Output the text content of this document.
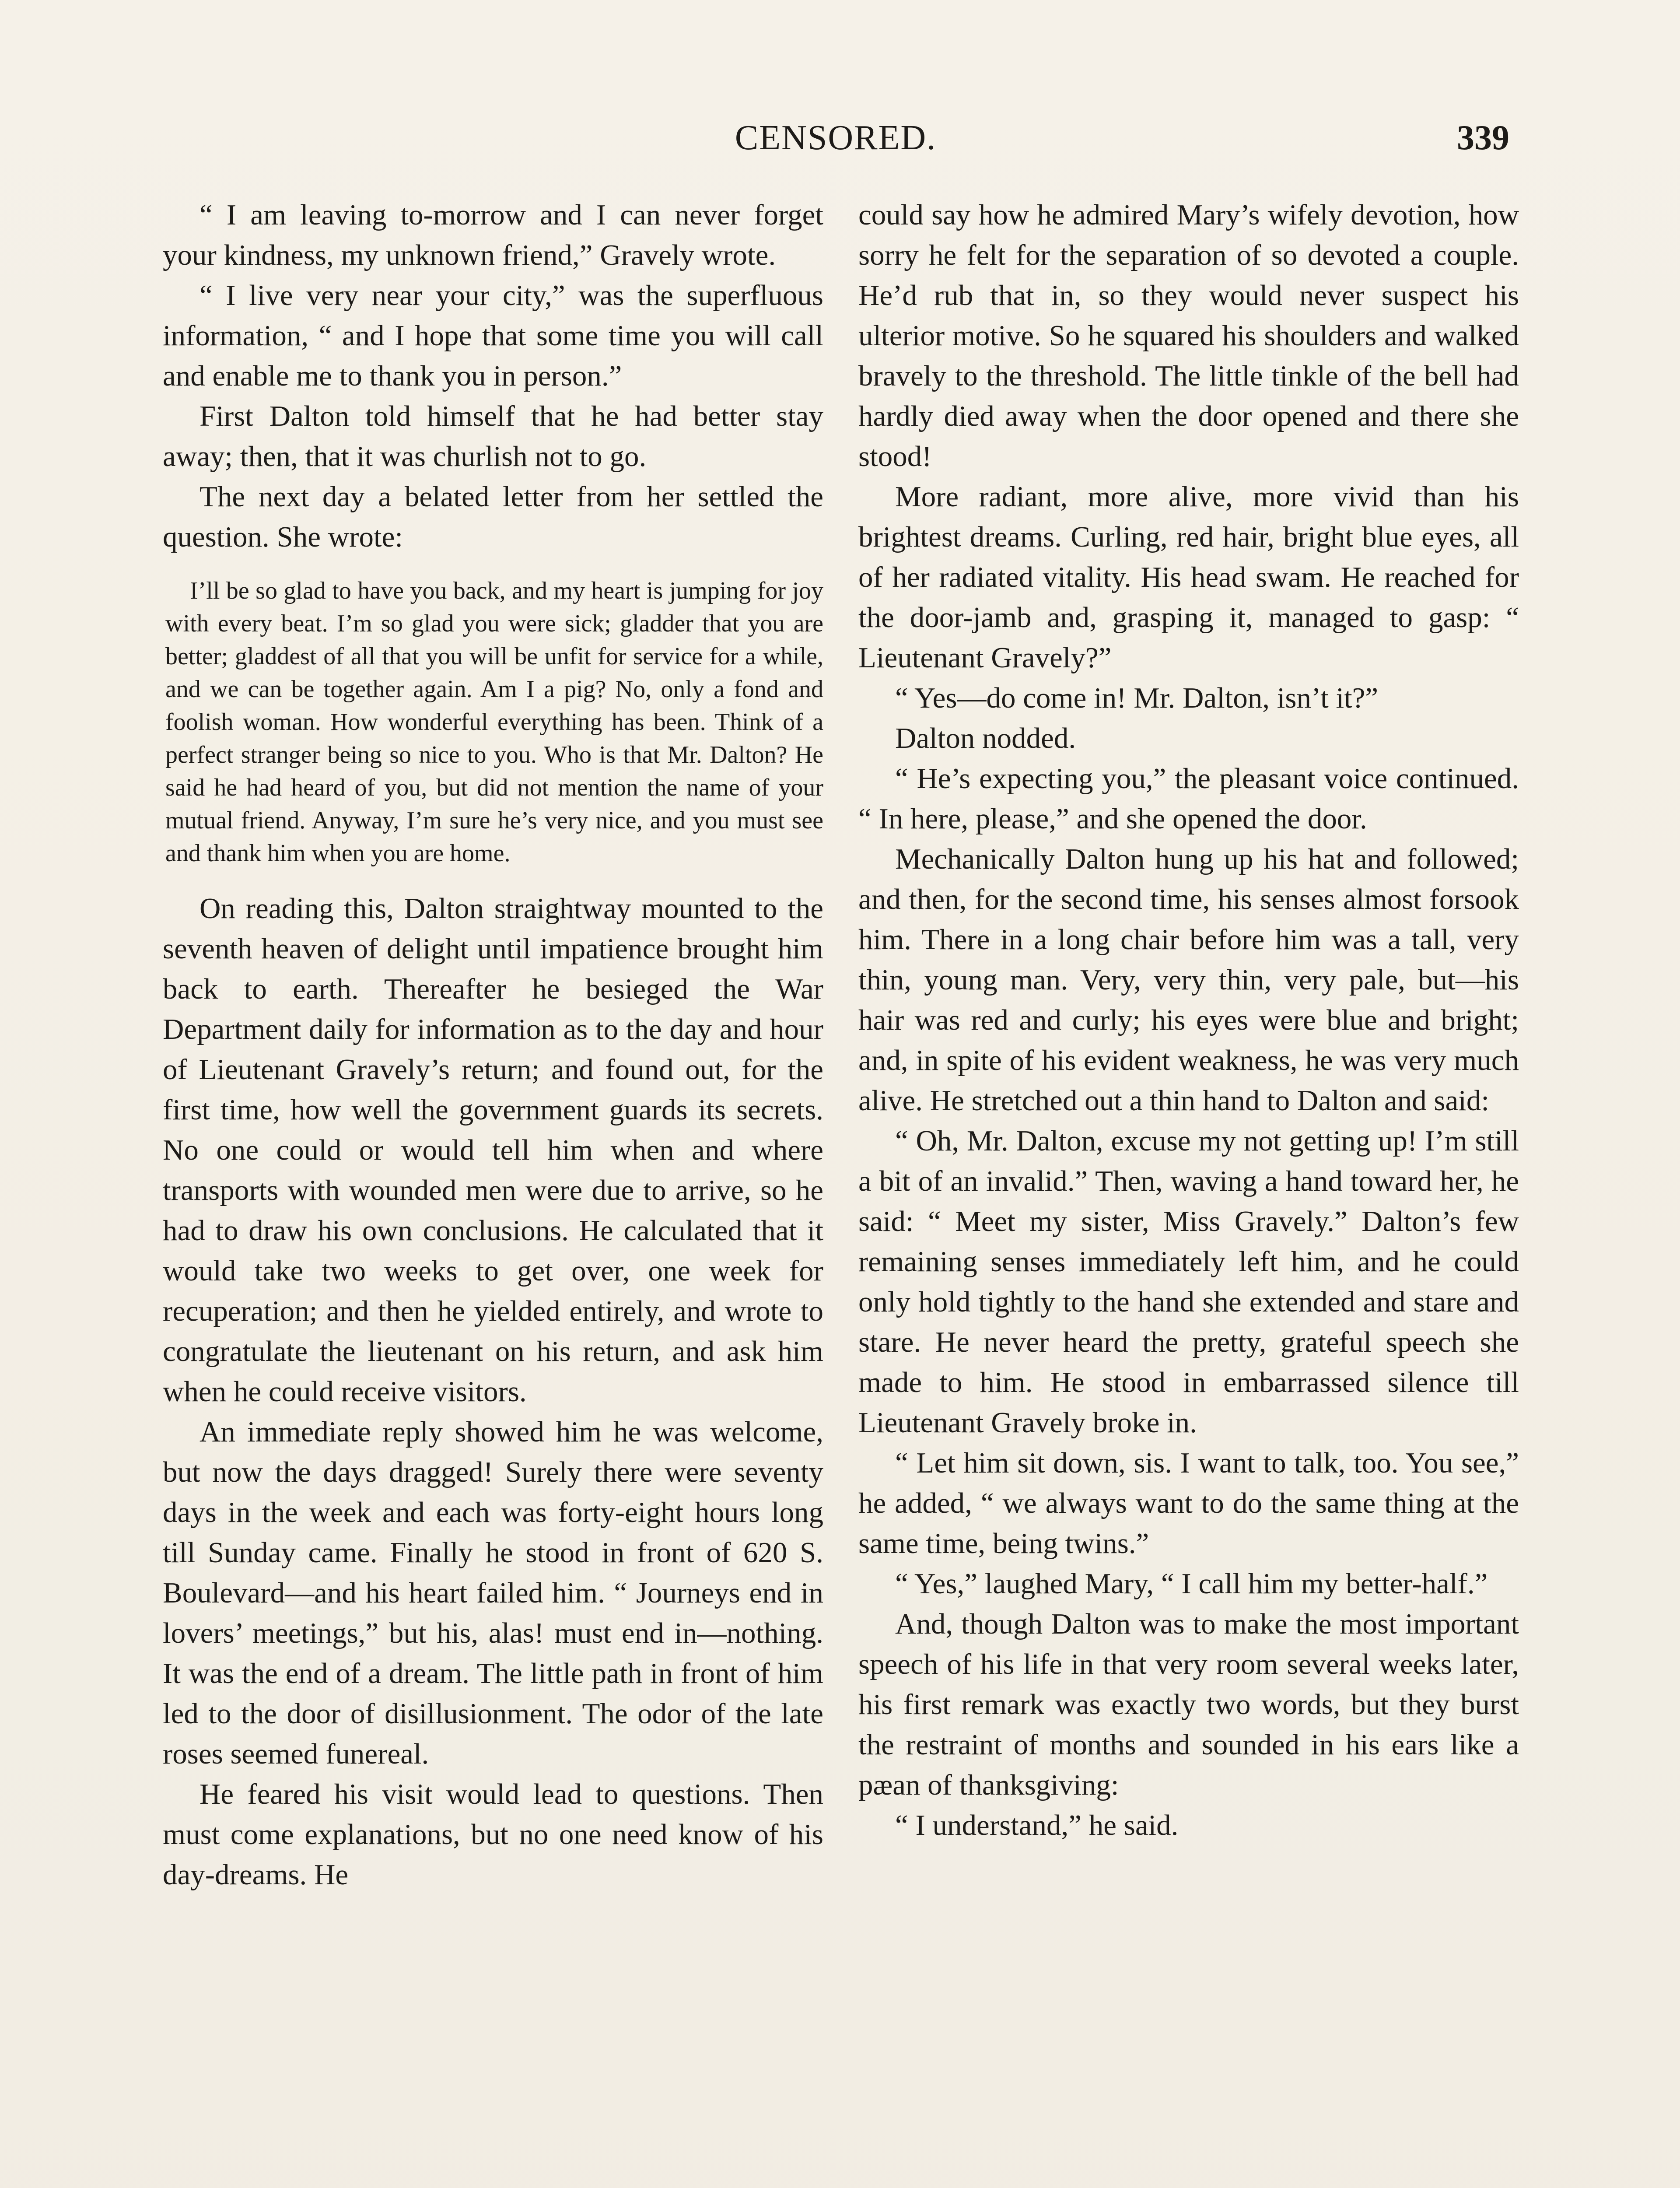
CENSORED.	339

“ I am leaving to-morrow and I can never forget your kindness, my unknown friend,” Gravely wrote.

“ I live very near your city,” was the superfluous information, “ and I hope that some time you will call and enable me to thank you in person.”

First Dalton told himself that he had better stay away; then, that it was churlish not to go.

The next day a belated letter from her settled the question. She wrote:

I’ll be so glad to have you back, and my heart is jumping for joy with every beat. I’m so glad you were sick; gladder that you are better; gladdest of all that you will be unfit for service for a while, and we can be together again. Am I a pig? No, only a fond and foolish woman. How wonderful everything has been. Think of a perfect stranger being so nice to you. Who is that Mr. Dalton? He said he had heard of you, but did not mention the name of your mutual friend. Anyway, I’m sure he’s very nice, and you must see and thank him when you are home.

On reading this, Dalton straightway mounted to the seventh heaven of delight until impatience brought him back to earth. Thereafter he besieged the War Department daily for information as to the day and hour of Lieutenant Gravely’s return; and found out, for the first time, how well the government guards its secrets. No one could or would tell him when and where transports with wounded men were due to arrive, so he had to draw his own conclusions. He calculated that it would take two weeks to get over, one week for recuperation; and then he yielded entirely, and wrote to congratulate the lieutenant on his return, and ask him when he could receive visitors.

An immediate reply showed him he was welcome, but now the days dragged! Surely there were seventy days in the week and each was forty-eight hours long till Sunday came. Finally he stood in front of 620 S. Boulevard—and his heart failed him. “ Journeys end in lovers’ meetings,” but his, alas! must end in—nothing. It was the end of a dream. The little path in front of him led to the door of disillusionment. The odor of the late roses seemed funereal.

He feared his visit would lead to questions. Then must come explanations, but no one need know of his day-dreams. He

could say how he admired Mary’s wifely devotion, how sorry he felt for the separation of so devoted a couple. He’d rub that in, so they would never suspect his ulterior motive. So he squared his shoulders and walked bravely to the threshold. The little tinkle of the bell had hardly died away when the door opened and there she stood!

More radiant, more alive, more vivid than his brightest dreams. Curling, red hair, bright blue eyes, all of her radiated vitality. His head swam. He reached for the door-jamb and, grasping it, managed to gasp: “ Lieutenant Gravely?”

“ Yes—do come in! Mr. Dalton, isn’t it?”

Dalton nodded.

“ He’s expecting you,” the pleasant voice continued. “ In here, please,” and she opened the door.

Mechanically Dalton hung up his hat and followed; and then, for the second time, his senses almost forsook him. There in a long chair before him was a tall, very thin, young man. Very, very thin, very pale, but—his hair was red and curly; his eyes were blue and bright; and, in spite of his evident weakness, he was very much alive. He stretched out a thin hand to Dalton and said:

“ Oh, Mr. Dalton, excuse my not getting up! I’m still a bit of an invalid.” Then, waving a hand toward her, he said: “ Meet my sister, Miss Gravely.” Dalton’s few remaining senses immediately left him, and he could only hold tightly to the hand she extended and stare and stare. He never heard the pretty, grateful speech she made to him. He stood in embarrassed silence till Lieutenant Gravely broke in.

“ Let him sit down, sis. I want to talk, too. You see,” he added, “ we always want to do the same thing at the same time, being twins.”

“ Yes,” laughed Mary, “ I call him my better-half.”

And, though Dalton was to make the most important speech of his life in that very room several weeks later, his first remark was exactly two words, but they burst the restraint of months and sounded in his ears like a pæan of thanksgiving:

“ I understand,” he said.
